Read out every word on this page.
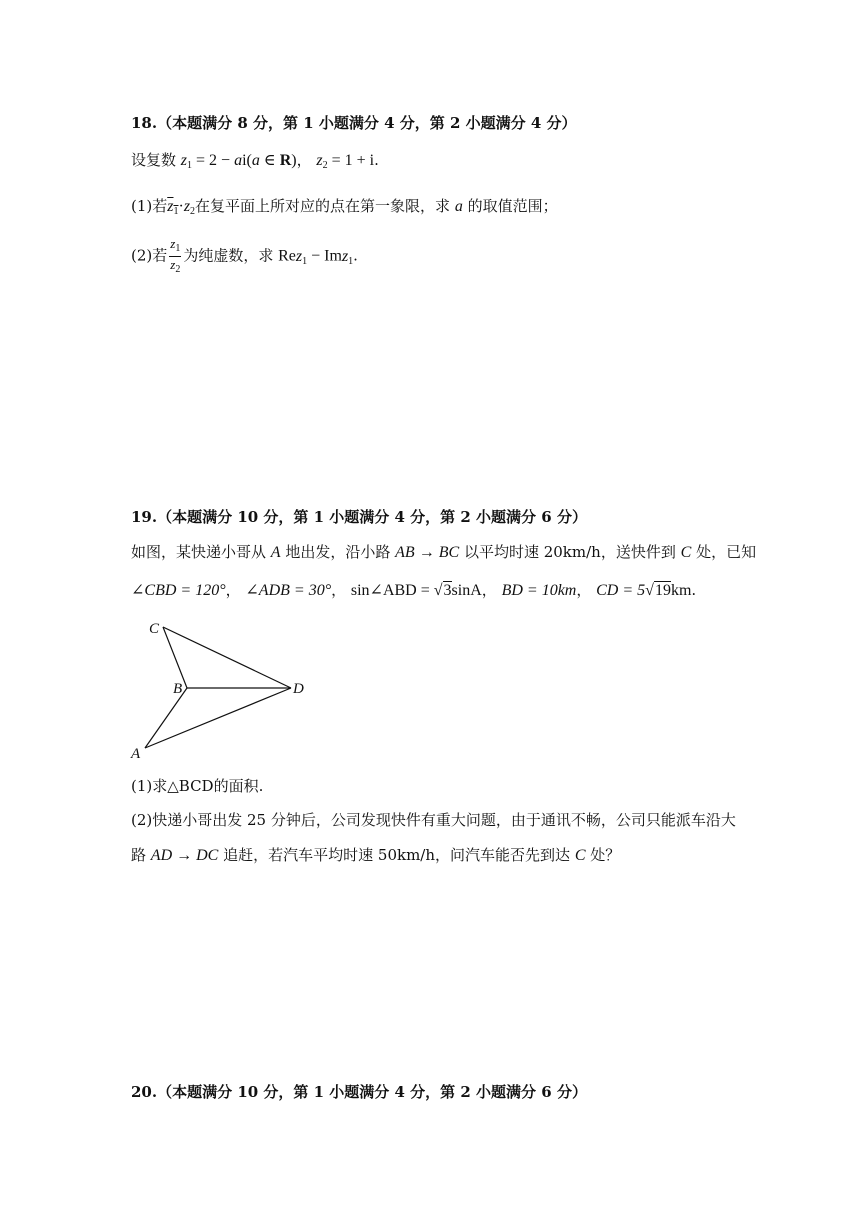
18.（本题满分 8 分，第 1 小题满分 4 分，第 2 小题满分 4 分）
设复数 $z_1 = 2 - ai(a$ ∈ R)， $z_2 = 1 + i$.
(1)若$z_1\cdot z_2$在复平面上所对应的点在第一象限，求 a 的取值范围；
(2)若 $\frac{z_1}{z_2}$ 为纯虚数，求 Rez$_1$ − Imz$_1$.
19.（本题满分 10 分，第 1 小题满分 4 分，第 2 小题满分 6 分）
如图，某快递小哥从 A 地出发，沿小路 AB → BC 以平均时速 20km/h，送快件到 C 处，已知
∠CBD = 120°， ∠ADB = 30°， sin∠ABD = √3sinA， BD = 10km， CD = 5√19km.
C
B	D
A
(1)求△BCD的面积.
(2)快递小哥出发 25 分钟后，公司发现快件有重大问题，由于通讯不畅，公司只能派车沿大
路 AD → DC 追赶，若汽车平均时速 50km/h，问汽车能否先到达 C 处？
20.（本题满分 10 分，第 1 小题满分 4 分，第 2 小题满分 6 分）
